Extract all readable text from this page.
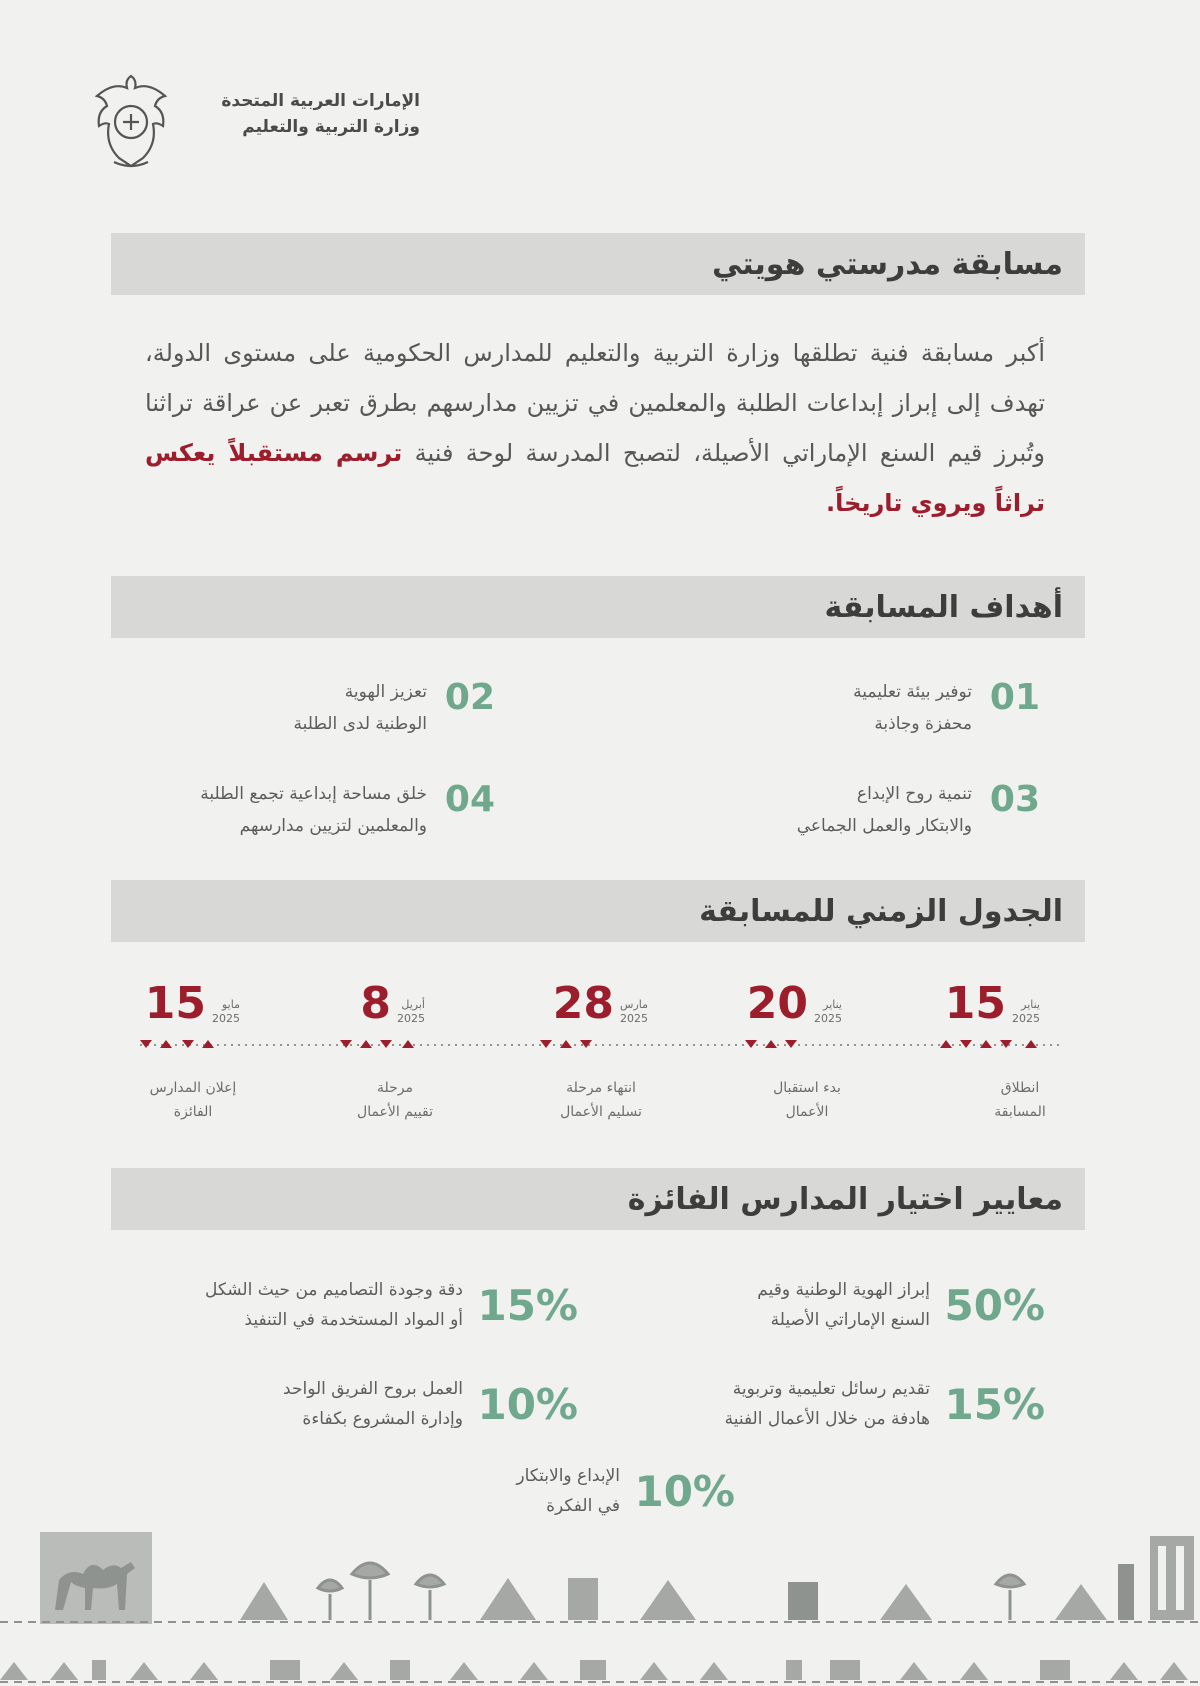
الإمارات العربية المتحدة
وزارة التربية والتعليم
مسابقة مدرستي هويتي
أكبر مسابقة فنية تطلقها وزارة التربية والتعليم للمدارس الحكومية على مستوى الدولة، تهدف إلى إبراز إبداعات الطلبة والمعلمين في تزيين مدارسهم بطرق تعبر عن عراقة تراثنا وتُبرز قيم السنع الإماراتي الأصيلة، لتصبح المدرسة لوحة فنية ترسم مستقبلاً يعكس تراثاً ويروي تاريخاً.
أهداف المسابقة
01
توفير بيئة تعليمية
محفزة وجاذبة
02
تعزيز الهوية
الوطنية لدى الطلبة
03
تنمية روح الإبداع
والابتكار والعمل الجماعي
04
خلق مساحة إبداعية تجمع الطلبة
والمعلمين لتزيين مدارسهم
الجدول الزمني للمسابقة
يناير
2025
15
يناير
2025
20
مارس
2025
28
أبريل
2025
8
مايو
2025
15
انطلاق
المسابقة
بدء استقبال
الأعمال
انتهاء مرحلة
تسليم الأعمال
مرحلة
تقييم الأعمال
إعلان المدارس
الفائزة
معايير اختيار المدارس الفائزة
50%
إبراز الهوية الوطنية وقيم
السنع الإماراتي الأصيلة
15%
دقة وجودة التصاميم من حيث الشكل
أو المواد المستخدمة في التنفيذ
15%
تقديم رسائل تعليمية وتربوية
هادفة من خلال الأعمال الفنية
10%
العمل بروح الفريق الواحد
وإدارة المشروع بكفاءة
10%
الإبداع والابتكار
في الفكرة
